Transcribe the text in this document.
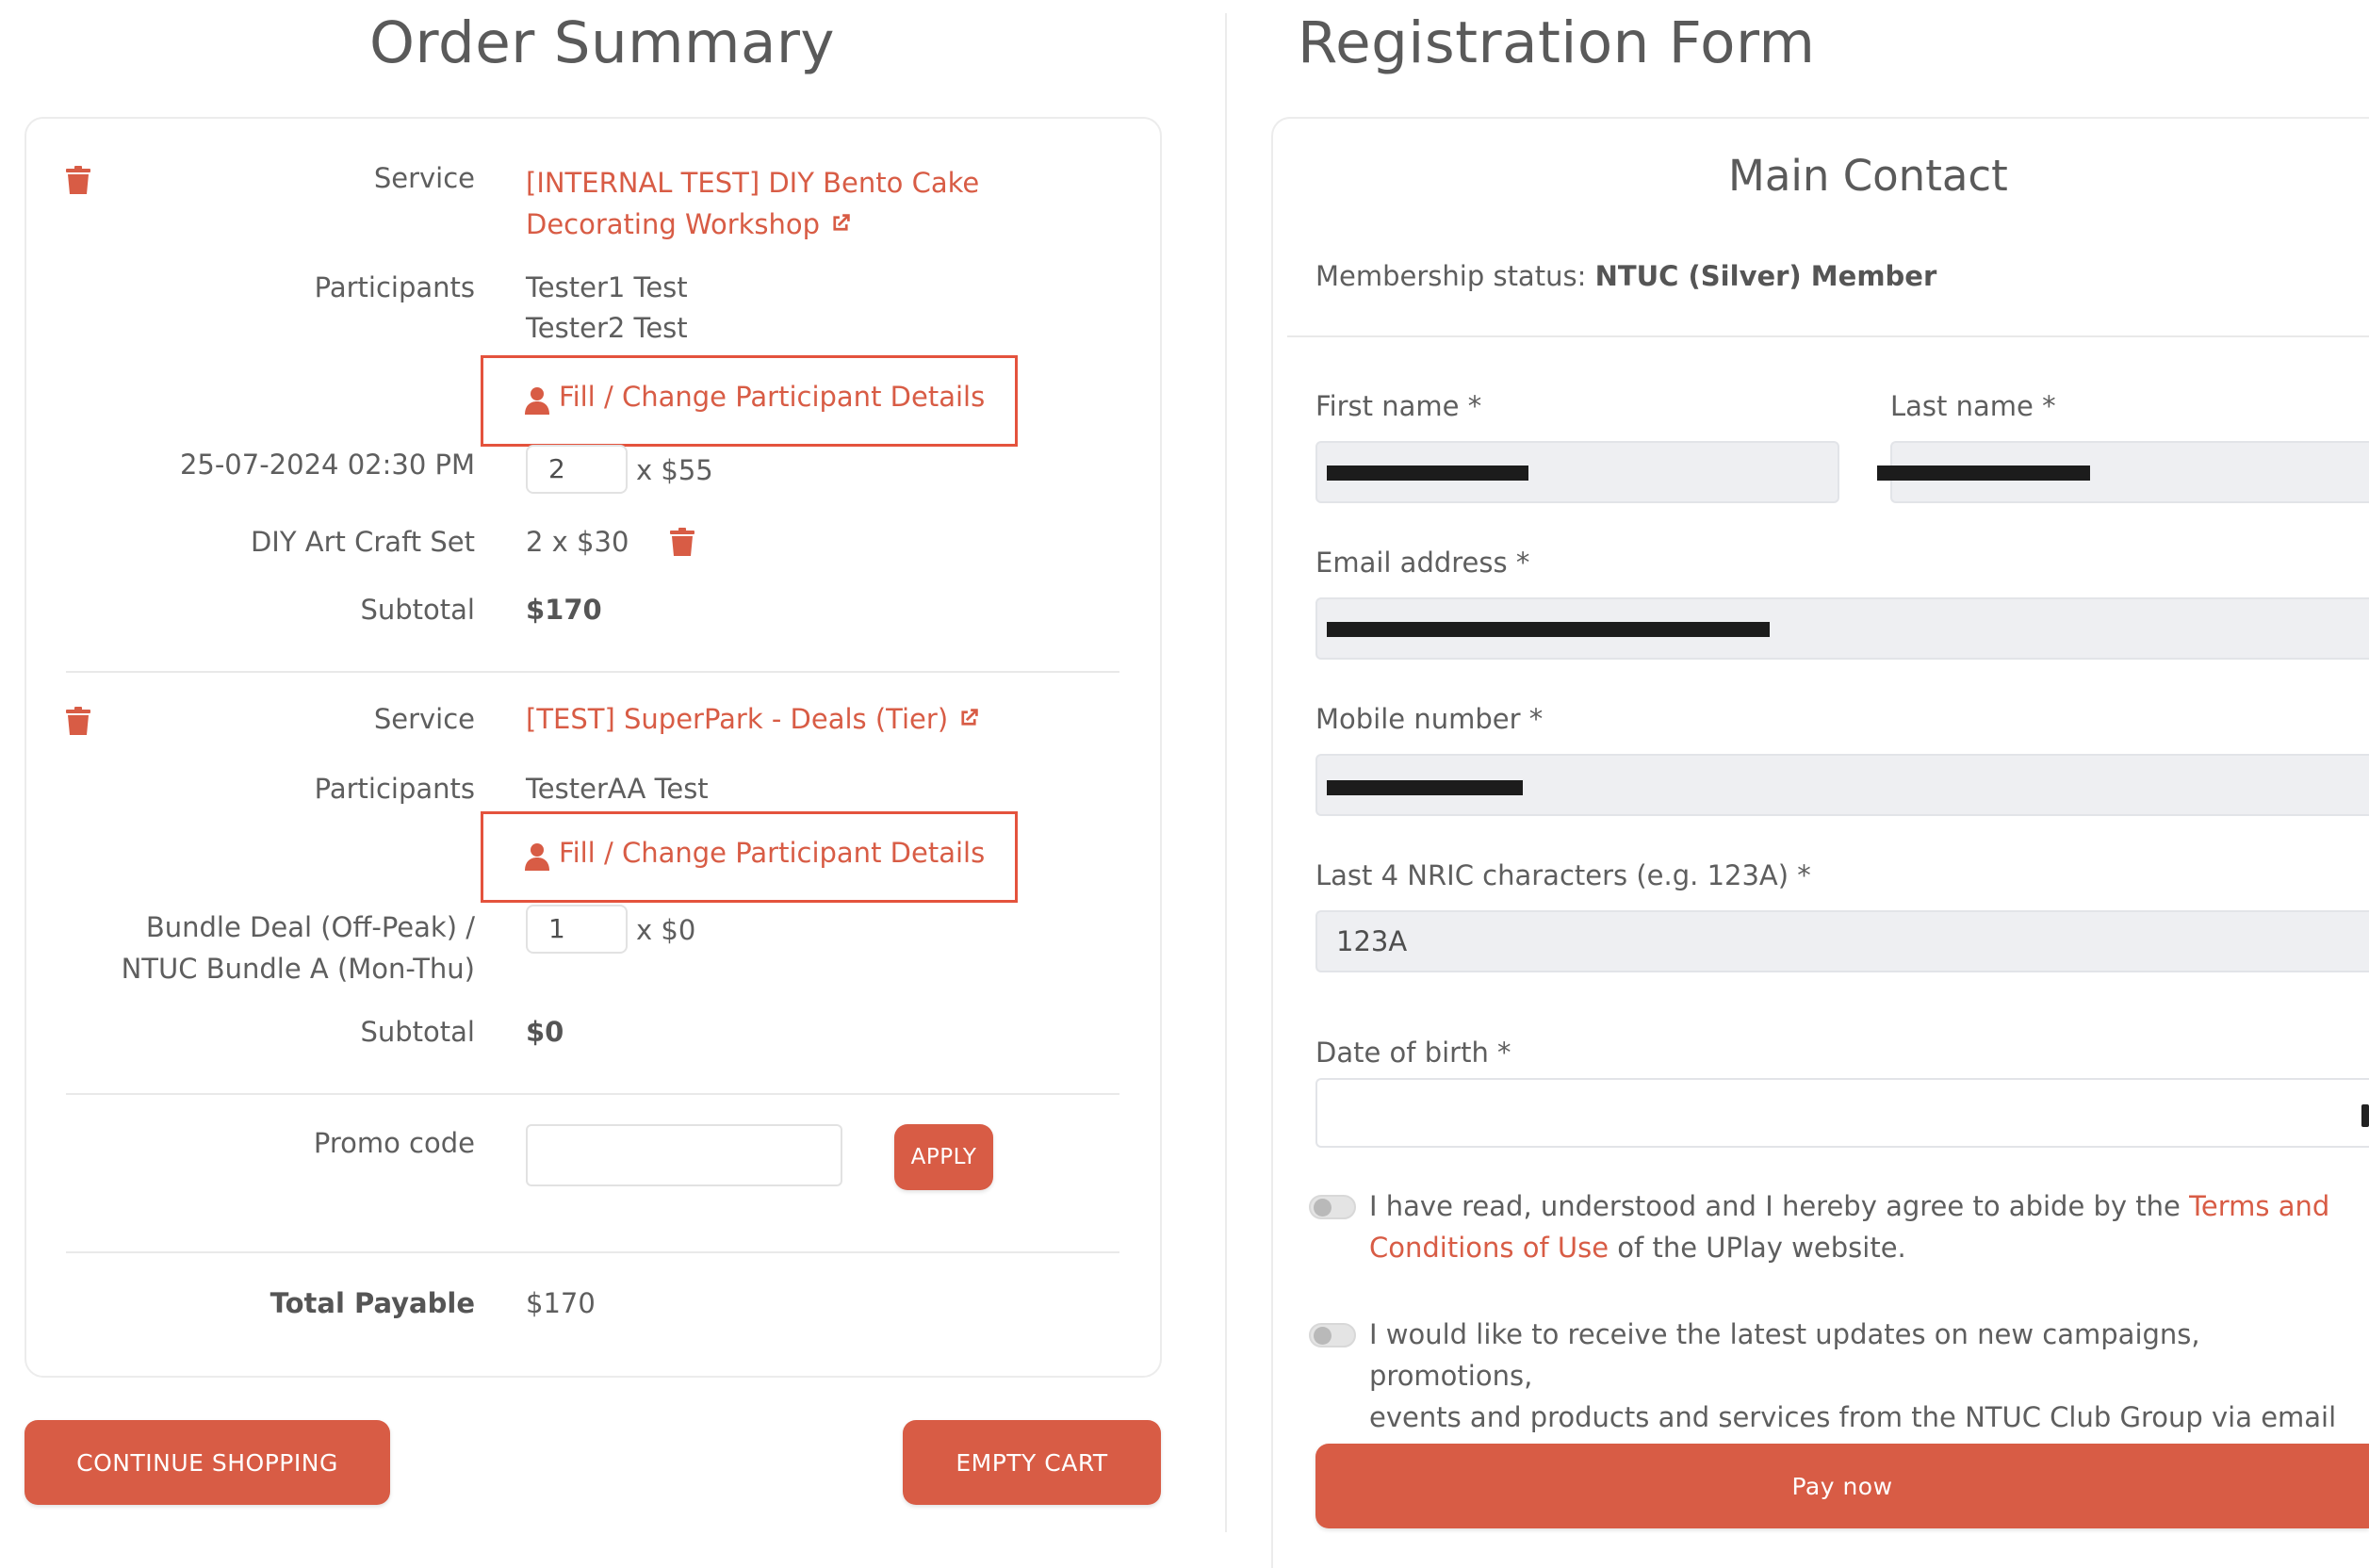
Order Summary
Service [INTERNAL TEST] DIY Bento Cake
Decorating Workshop
Participants Tester1 Test
Tester2 Test
Fill / Change Participant Details
25-07-2024 02:30 PM	2	x $55
DIY Art Craft Set 2 x $30
Subtotal $170
Service [TEST] SuperPark - Deals (Tier)
Participants TesterAA Test
Fill / Change Participant Details
Bundle Deal (Off-Peak) /
NTUC Bundle A (Mon-Thu)
1	x $0
Subtotal $0
Promo code	APPLY
Total Payable $170
CONTINUE SHOPPING	EMPTY CART
Registration Form
Main Contact
Membership status: NTUC (Silver) Member
First name *	Last name *
Email address *
Mobile number *
Last 4 NRIC characters (e.g. 123A) *
123A
Date of birth *
I have read, understood and I hereby agree to abide by the Terms and
Conditions of Use of the UPlay website.
I would like to receive the latest updates on new campaigns, promotions,
events and products and services from the NTUC Club Group via email
Pay now
